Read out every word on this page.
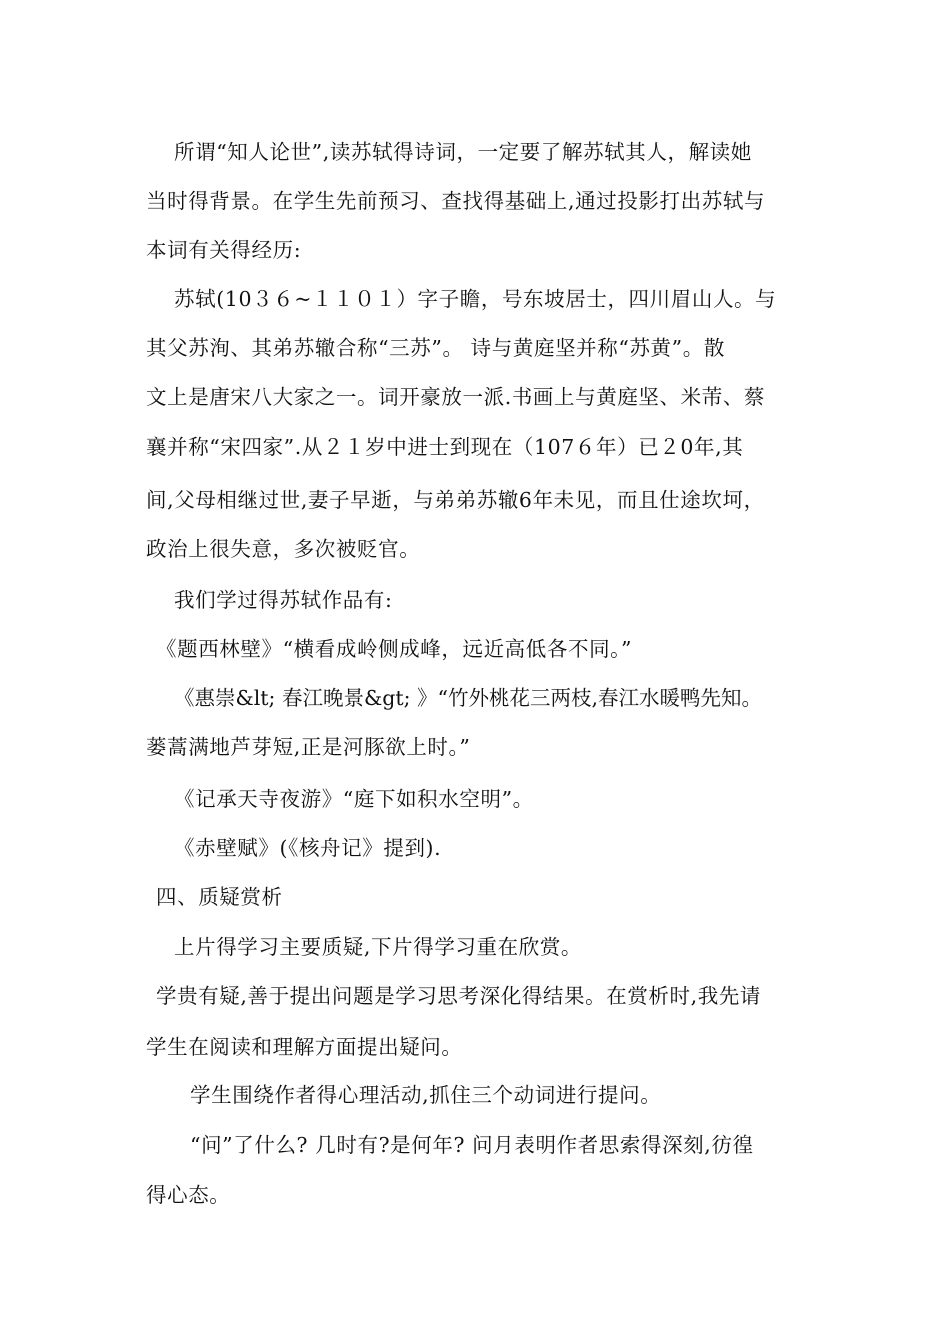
所谓“知人论世”,读苏轼得诗词，一定要了解苏轼其人，解读她
当时得背景。在学生先前预习、查找得基础上,通过投影打出苏轼与
本词有关得经历:
苏轼(10３６~１１０１）字子瞻，号东坡居士，四川眉山人。与
其父苏洵、其弟苏辙合称“三苏”。 诗与黄庭坚并称“苏黄”。散
文上是唐宋八大家之一。词开豪放一派.书画上与黄庭坚、米芾、蔡
襄并称“宋四家”.从２１岁中进士到现在（107６年）已２0年,其
间,父母相继过世,妻子早逝，与弟弟苏辙6年未见，而且仕途坎坷，
政治上很失意，多次被贬官。
我们学过得苏轼作品有:
《题西林壁》“横看成岭侧成峰，远近高低各不同。”
《惠崇&lt; 春江晚景&gt; 》“竹外桃花三两枝,春江水暖鸭先知。
蒌蒿满地芦芽短,正是河豚欲上时。”
《记承天寺夜游》“庭下如积水空明”。
《赤壁赋》(《核舟记》提到).
四、质疑赏析
上片得学习主要质疑,下片得学习重在欣赏。
学贵有疑,善于提出问题是学习思考深化得结果。在赏析时,我先请
学生在阅读和理解方面提出疑问。
学生围绕作者得心理活动,抓住三个动词进行提问。
“问”了什么? 几时有?是何年? 问月表明作者思索得深刻,彷徨
得心态。
